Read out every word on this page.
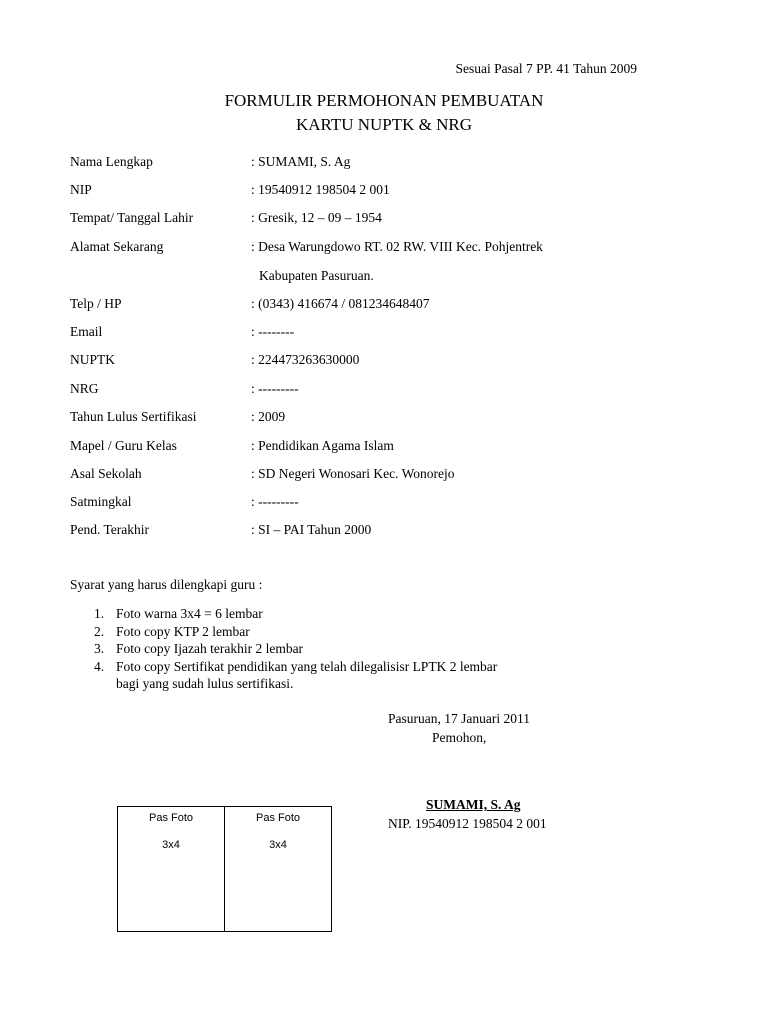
Sesuai Pasal 7 PP. 41 Tahun 2009
FORMULIR PERMOHONAN PEMBUATAN
KARTU NUPTK & NRG
Nama Lengkap	: SUMAMI, S. Ag
NIP	: 19540912 198504 2 001
Tempat/ Tanggal Lahir	: Gresik, 12 – 09 – 1954
Alamat Sekarang	: Desa Warungdowo RT. 02 RW. VIII Kec. Pohjentrek
Kabupaten Pasuruan.
Telp / HP	: (0343) 416674 / 081234648407
Email	: --------
NUPTK	: 224473263630000
NRG	: ---------
Tahun Lulus Sertifikasi	: 2009
Mapel / Guru Kelas	: Pendidikan Agama Islam
Asal Sekolah	: SD Negeri Wonosari Kec. Wonorejo
Satmingkal	: ---------
Pend. Terakhir	: SI – PAI Tahun 2000
Syarat yang harus dilengkapi guru :
1. Foto warna 3x4 = 6 lembar
2. Foto copy KTP 2 lembar
3. Foto copy Ijazah terakhir 2 lembar
4. Foto copy Sertifikat pendidikan yang telah dilegalisisr LPTK 2 lembar bagi yang sudah lulus sertifikasi.
Pasuruan, 17 Januari 2011
Pemohon,
SUMAMI, S. Ag
NIP. 19540912 198504 2 001
Pas Foto
3x4
Pas Foto
3x4
